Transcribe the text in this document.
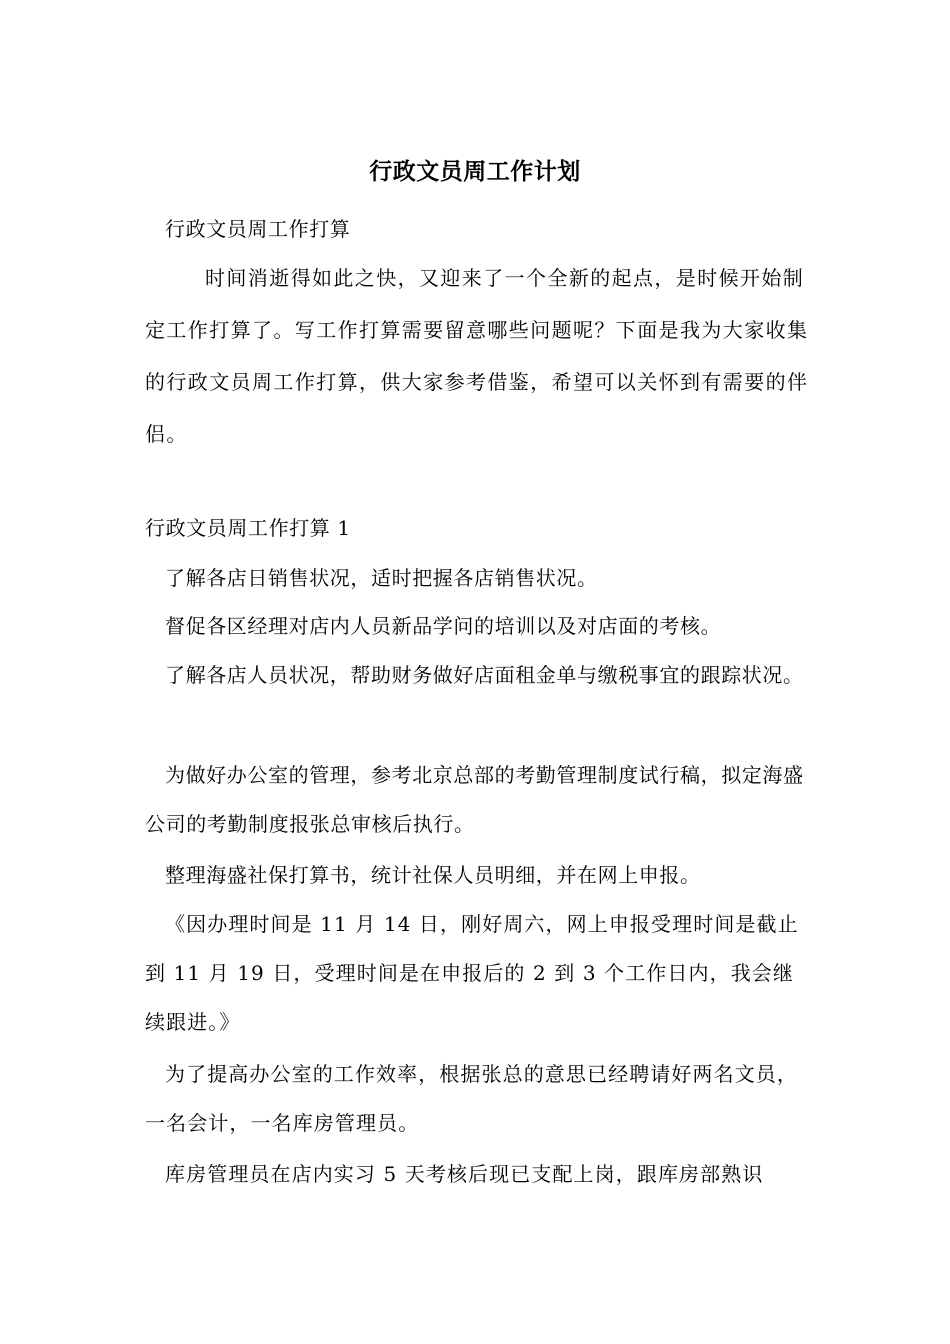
行政文员周工作计划
行政文员周工作打算
时间消逝得如此之快，又迎来了一个全新的起点，是时候开始制定工作打算了。写工作打算需要留意哪些问题呢？下面是我为大家收集的行政文员周工作打算，供大家参考借鉴，希望可以关怀到有需要的伴侣。
行政文员周工作打算 1
了解各店日销售状况，适时把握各店销售状况。
督促各区经理对店内人员新品学问的培训以及对店面的考核。
了解各店人员状况，帮助财务做好店面租金单与缴税事宜的跟踪状况。
为做好办公室的管理，参考北京总部的考勤管理制度试行稿，拟定海盛公司的考勤制度报张总审核后执行。
整理海盛社保打算书，统计社保人员明细，并在网上申报。
《因办理时间是 11 月 14 日，刚好周六，网上申报受理时间是截止到 11 月 19 日，受理时间是在申报后的 2 到 3 个工作日内，我会继续跟进。》
为了提高办公室的工作效率，根据张总的意思已经聘请好两名文员，一名会计，一名库房管理员。
库房管理员在店内实习 5 天考核后现已支配上岗，跟库房部熟识
